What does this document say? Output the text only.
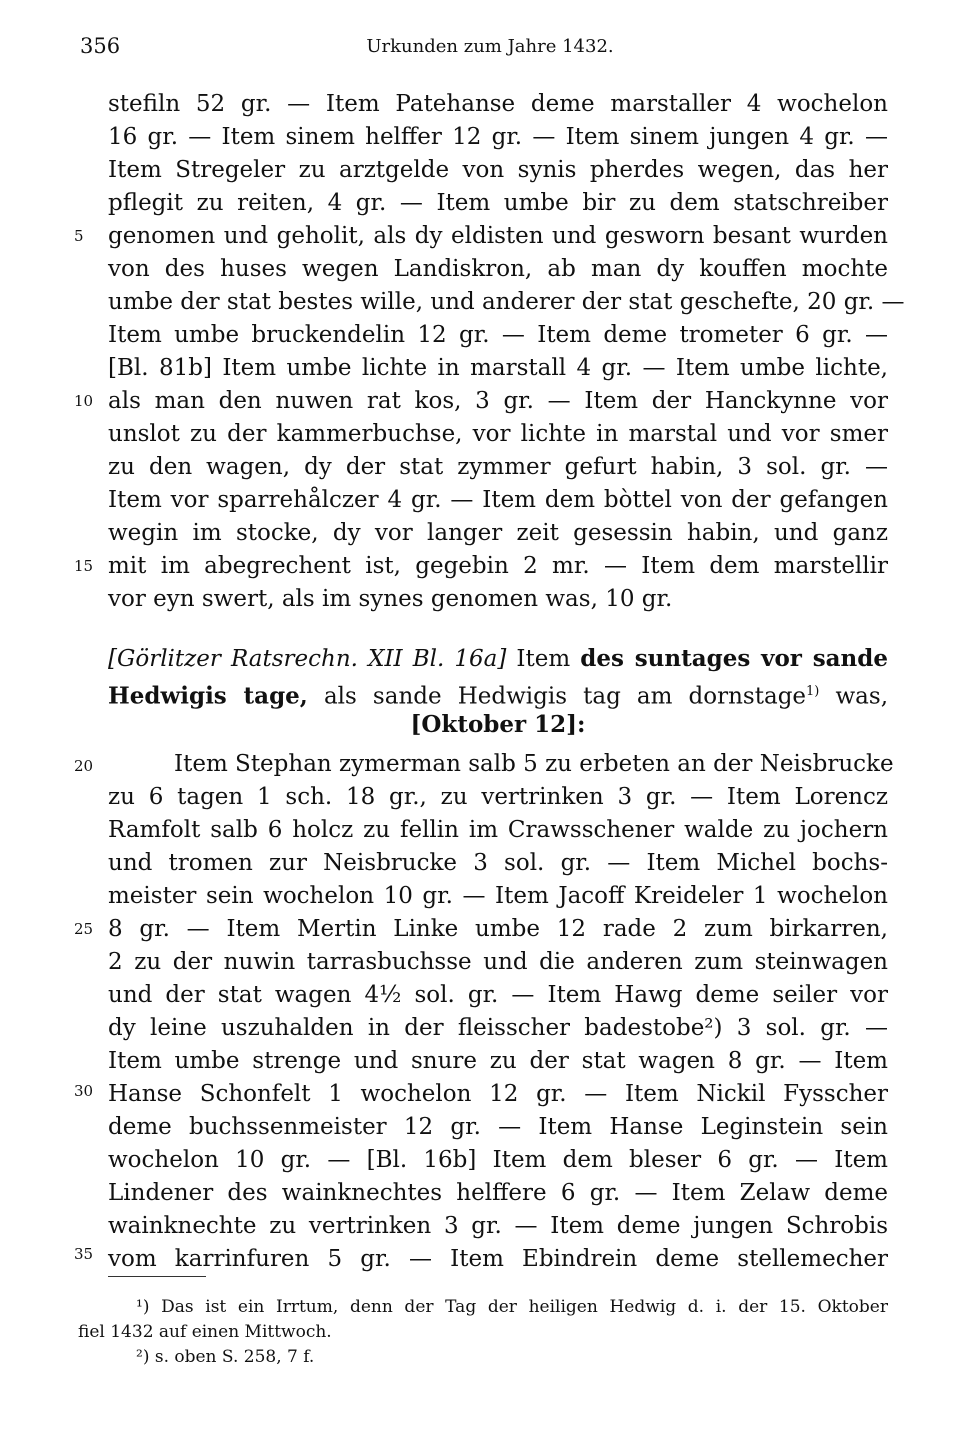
356	Urkunden zum Jahre 1432.
5
10
15
20
25
30
35
stefiln 52 gr. — Item Patehanse deme marstaller 4 wochelon
16 gr. — Item sinem helffer 12 gr. — Item sinem jungen 4 gr. —
Item Stregeler zu arztgelde von synis pherdes wegen, das her
pflegit zu reiten, 4 gr. — Item umbe bir zu dem statschreiber
genomen und geholit, als dy eldisten und gesworn besant wurden
von des huses wegen Landiskron, ab man dy kouffen mochte
umbe der stat bestes wille, und anderer der stat geschefte, 20 gr. —
Item umbe bruckendelin 12 gr. — Item deme trometer 6 gr. —
[Bl. 81b] Item umbe lichte in marstall 4 gr. — Item umbe lichte,
als man den nuwen rat kos, 3 gr. — Item der Hanckynne vor
unslot zu der kammerbuchse, vor lichte in marstal und vor smer
zu den wagen, dy der stat zymmer gefurt habin, 3 sol. gr. —
Item vor sparrehålczer 4 gr. — Item dem bòttel von der gefangen
wegin im stocke, dy vor langer zeit gesessin habin, und ganz
mit im abegrechent ist, gegebin 2 mr. — Item dem marstellir
vor eyn swert, als im synes genomen was, 10 gr.
[Görlitzer Ratsrechn. XII Bl. 16a] Item des suntages vor sande
Hedwigis tage, als sande Hedwigis tag am dornstage$^{1)}$ was,
[Oktober 12]:
Item Stephan zymerman salb 5 zu erbeten an der Neisbrucke
zu 6 tagen 1 sch. 18 gr., zu vertrinken 3 gr. — Item Lorencz
Ramfolt salb 6 holcz zu fellin im Crawsschener walde zu jochern
und tromen zur Neisbrucke 3 sol. gr. — Item Michel bochs-
meister sein wochelon 10 gr. — Item Jacoff Kreideler 1 wochelon
8 gr. — Item Mertin Linke umbe 12 rade 2 zum birkarren,
2 zu der nuwin tarrasbuchsse und die anderen zum steinwagen
und der stat wagen 4½ sol. gr. — Item Hawg deme seiler vor
dy leine uszuhalden in der fleisscher badestobe²) 3 sol. gr. —
Item umbe strenge und snure zu der stat wagen 8 gr. — Item
Hanse Schonfelt 1 wochelon 12 gr. — Item Nickil Fysscher
deme buchssenmeister 12 gr. — Item Hanse Leginstein sein
wochelon 10 gr. — [Bl. 16b] Item dem bleser 6 gr. — Item
Lindener des wainknechtes helffere 6 gr. — Item Zelaw deme
wainknechte zu vertrinken 3 gr. — Item deme jungen Schrobis
vom karrinfuren 5 gr. — Item Ebindrein deme stellemecher
¹) Das ist ein Irrtum, denn der Tag der heiligen Hedwig d. i. der 15. Oktober
fiel 1432 auf einen Mittwoch.
²) s. oben S. 258, 7 f.
